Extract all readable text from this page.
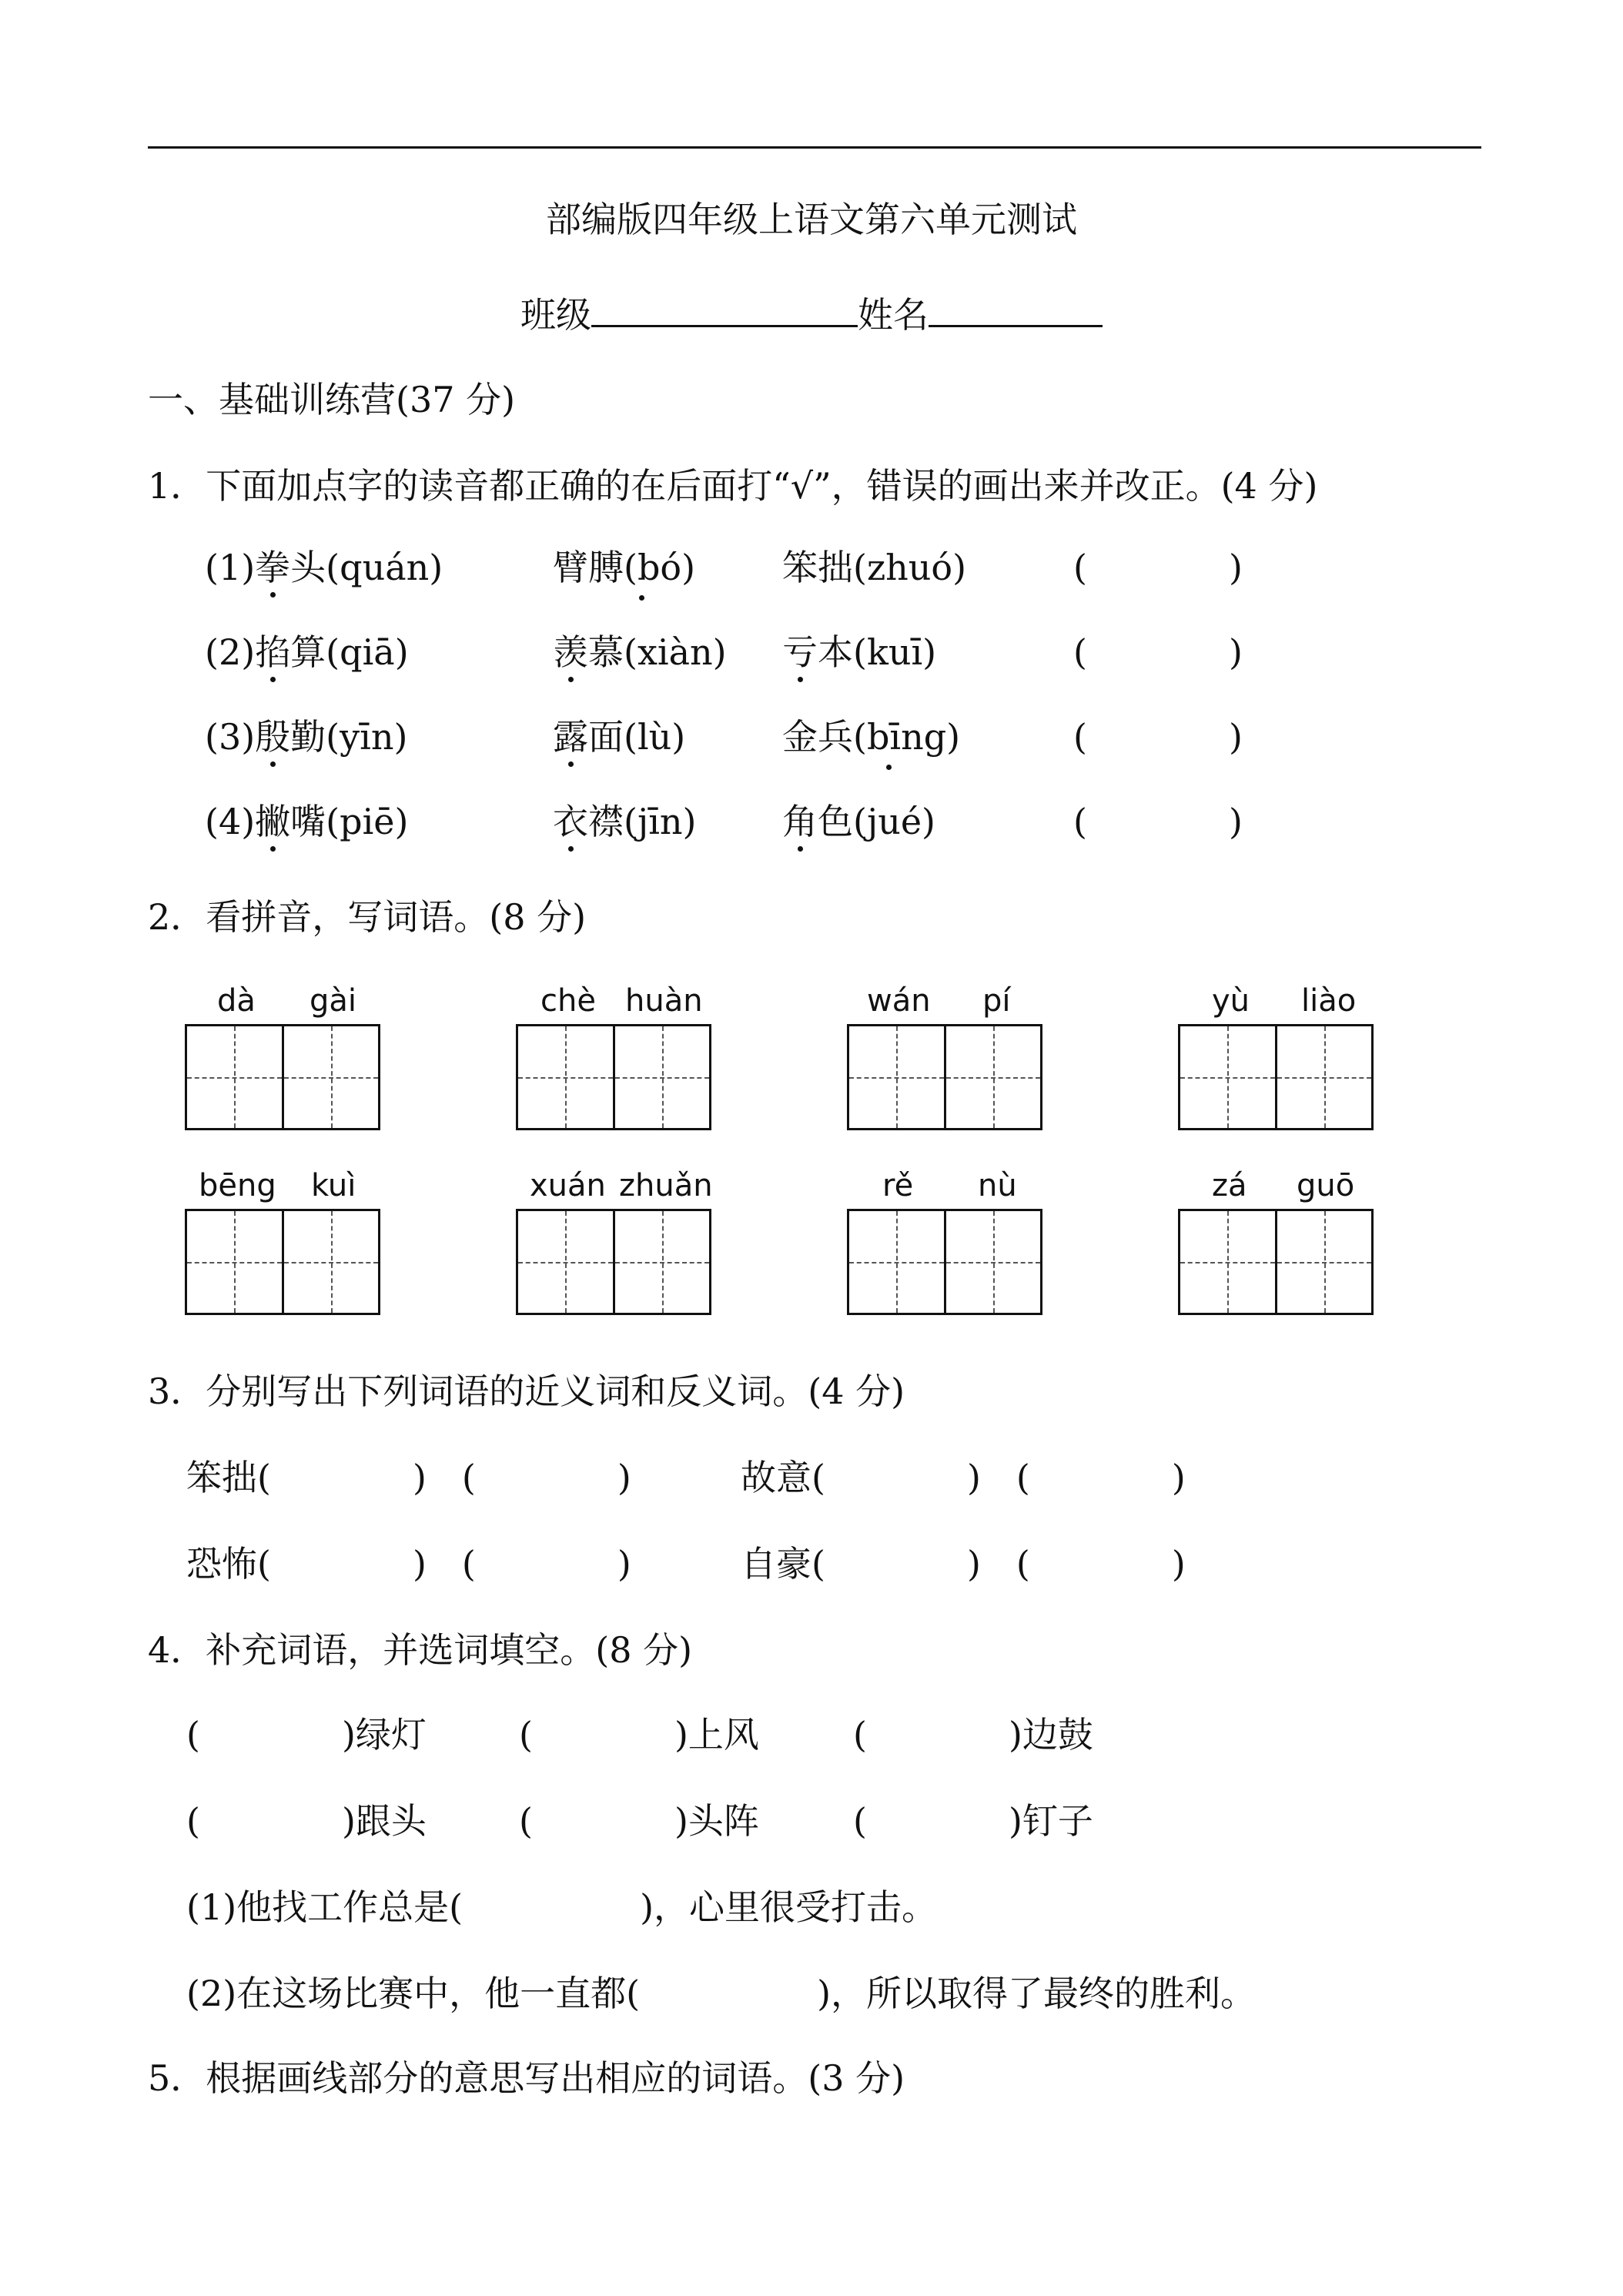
部编版四年级上语文第六单元测试
班级	姓名
一、基础训练营(37 分)
1．下面加点字的读音都正确的在后面打“√”，错误的画出来并改正。(4 分)
(1)拳头(quán)	臂膊(bó) 笨拙(zhuó)	(　　　　)
(2)掐算(qiā)	羡慕(xiàn) 亏本(kuī)	(　　　　)
(3)殷勤(yīn)	露面(lù)	金兵(bīng)	(　　　　)
(4)撇嘴(piē)	衣襟(jīn) 角色(jué)	(　　　　)
2．看拼音，写词语。(8 分)
dà gài	chè huàn	wán pí	yù liào
bēng kuì	xuán zhuǎn	rě nù	zá guō
3．分别写出下列词语的近义词和反义词。(4 分)
笨拙(　　　　)　(　　　　)	故意(　　　　)　(　　　　)
恐怖(　　　　)　(　　　　)	自豪(　　　　)　(　　　　)
4．补充词语，并选词填空。(8 分)
(　　　　)绿灯	(　　　　)上风	(　　　　)边鼓
(　　　　)跟头	(　　　　)头阵	(　　　　)钉子
(1)他找工作总是(　　　　　)，心里很受打击。
(2)在这场比赛中，他一直都(　　　　　)，所以取得了最终的胜利。
5．根据画线部分的意思写出相应的词语。(3 分)
